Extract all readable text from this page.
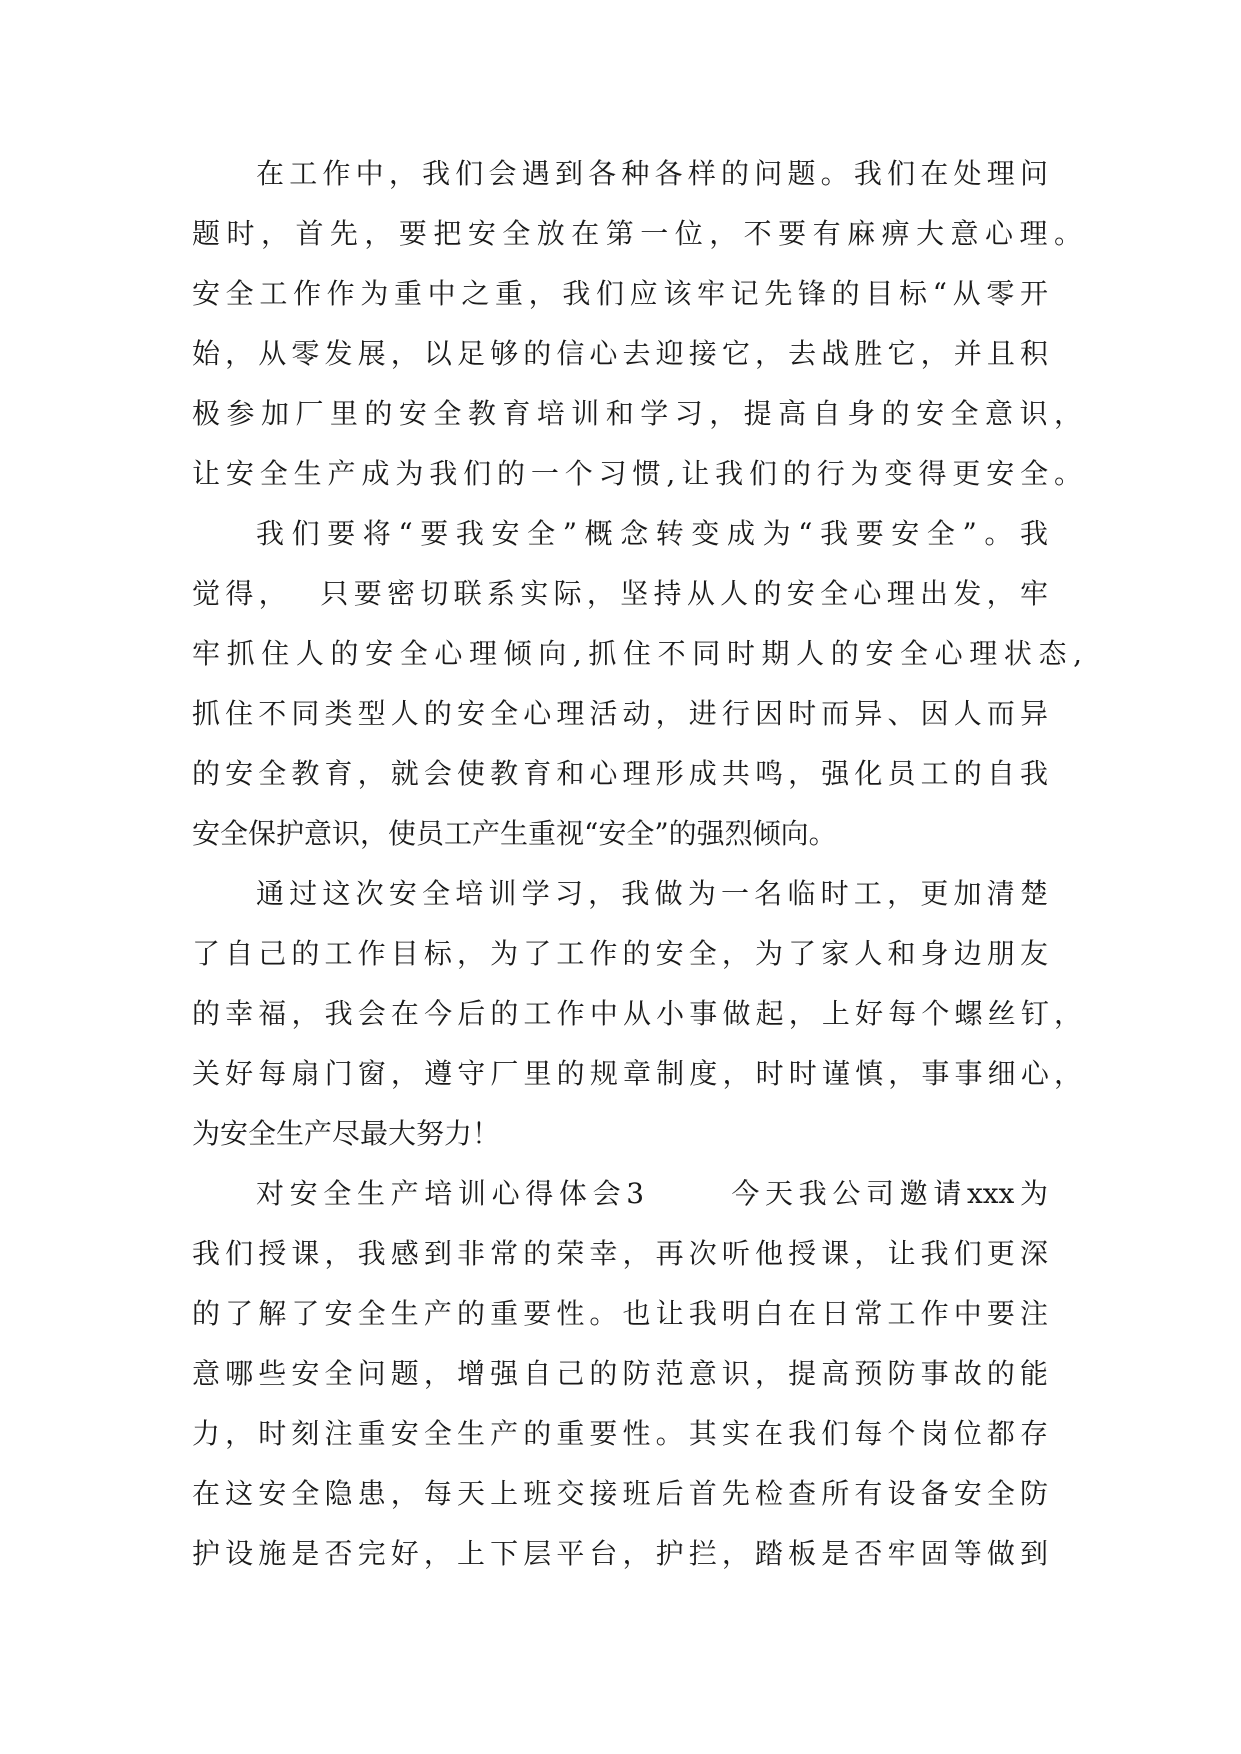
在工作中，我们会遇到各种各样的问题。我们在处理问
题时，首先，要把安全放在第一位，不要有麻痹大意心理。
安全工作作为重中之重，我们应该牢记先锋的目标“从零开
始，从零发展，以足够的信心去迎接它，去战胜它，并且积
极参加厂里的安全教育培训和学习，提高自身的安全意识，
让安全生产成为我们的一个习惯,让我们的行为变得更安全。
我们要将“要我安全”概念转变成为“我要安全”。我
觉得，  只要密切联系实际，坚持从人的安全心理出发，牢
牢抓住人的安全心理倾向,抓住不同时期人的安全心理状态,
抓住不同类型人的安全心理活动，进行因时而异、因人而异
的安全教育，就会使教育和心理形成共鸣，强化员工的自我
安全保护意识，使员工产生重视“安全”的强烈倾向。
通过这次安全培训学习，我做为一名临时工，更加清楚
了自己的工作目标，为了工作的安全，为了家人和身边朋友
的幸福，我会在今后的工作中从小事做起，上好每个螺丝钉，
关好每扇门窗，遵守厂里的规章制度，时时谨慎，事事细心，
为安全生产尽最大努力！
对安全生产培训心得体会3      今天我公司邀请xxx为
我们授课，我感到非常的荣幸，再次听他授课，让我们更深
的了解了安全生产的重要性。也让我明白在日常工作中要注
意哪些安全问题，增强自己的防范意识，提高预防事故的能
力，时刻注重安全生产的重要性。其实在我们每个岗位都存
在这安全隐患，每天上班交接班后首先检查所有设备安全防
护设施是否完好，上下层平台，护拦，踏板是否牢固等做到
